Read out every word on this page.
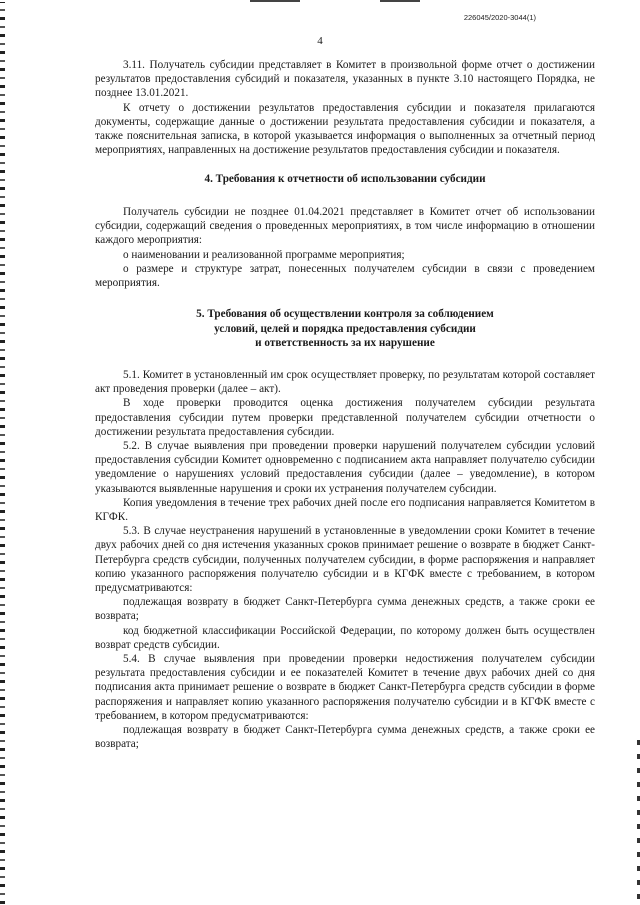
226045/2020-3044(1)
4

3.11. Получатель субсидии представляет в Комитет в произвольной форме отчет о достижении результатов предоставления субсидий и показателя, указанных в пункте 3.10 настоящего Порядка, не позднее 13.01.2021.

К отчету о достижении результатов предоставления субсидии и показателя прилагаются документы, содержащие данные о достижении результата предоставления субсидии и показателя, а также пояснительная записка, в которой указывается информация о выполненных за отчетный период мероприятиях, направленных на достижение результатов предоставления субсидии и показателя.

4. Требования к отчетности об использовании субсидии

Получатель субсидии не позднее 01.04.2021 представляет в Комитет отчет об использовании субсидии, содержащий сведения о проведенных мероприятиях, в том числе информацию в отношении каждого мероприятия:

о наименовании и реализованной программе мероприятия;

о размере и структуре затрат, понесенных получателем субсидии в связи с проведением мероприятия.

5. Требования об осуществлении контроля за соблюдением
условий, целей и порядка предоставления субсидии
и ответственность за их нарушение

5.1. Комитет в установленный им срок осуществляет проверку, по результатам которой составляет акт проведения проверки (далее – акт).

В ходе проверки проводится оценка достижения получателем субсидии результата предоставления субсидии путем проверки представленной получателем субсидии отчетности о достижении результата предоставления субсидии.

5.2. В случае выявления при проведении проверки нарушений получателем субсидии условий предоставления субсидии Комитет одновременно с подписанием акта направляет получателю субсидии уведомление о нарушениях условий предоставления субсидии (далее – уведомление), в котором указываются выявленные нарушения и сроки их устранения получателем субсидии.

Копия уведомления в течение трех рабочих дней после его подписания направляется Комитетом в КГФК.

5.3. В случае неустранения нарушений в установленные в уведомлении сроки Комитет в течение двух рабочих дней со дня истечения указанных сроков принимает решение о возврате в бюджет Санкт-Петербурга средств субсидии, полученных получателем субсидии, в форме распоряжения и направляет копию указанного распоряжения получателю субсидии и в КГФК вместе с требованием, в котором предусматриваются:

подлежащая возврату в бюджет Санкт-Петербурга сумма денежных средств, а также сроки ее возврата;

код бюджетной классификации Российской Федерации, по которому должен быть осуществлен возврат средств субсидии.

5.4. В случае выявления при проведении проверки недостижения получателем субсидии результата предоставления субсидии и ее показателей Комитет в течение двух рабочих дней со дня подписания акта принимает решение о возврате в бюджет Санкт-Петербурга средств субсидии в форме распоряжения и направляет копию указанного распоряжения получателю субсидии и в КГФК вместе с требованием, в котором предусматриваются:

подлежащая возврату в бюджет Санкт-Петербурга сумма денежных средств, а также сроки ее возврата;
